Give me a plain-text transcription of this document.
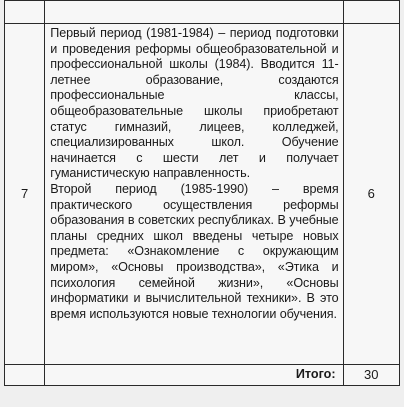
7	Первый период (1981-1984) – период подготовки и проведения реформы общеобразовательной и профессиональной школы (1984). Вводится 11-летнее образование, создаются профессиональные классы, общеобразовательные школы приобретают статус гимназий, лицеев, колледжей, специализированных школ. Обучение начинается с шести лет и получает гуманистическую направленность.

Второй период (1985-1990) – время практического осуществления реформы образования в советских республиках. В учебные планы средних школ введены четыре новых предмета: «Ознакомление с окружающим миром», «Основы производства», «Этика и психология семейной жизни», «Основы информатики и вычислительной техники». В это время используются новые технологии обучения.	6
	Итого:	30
